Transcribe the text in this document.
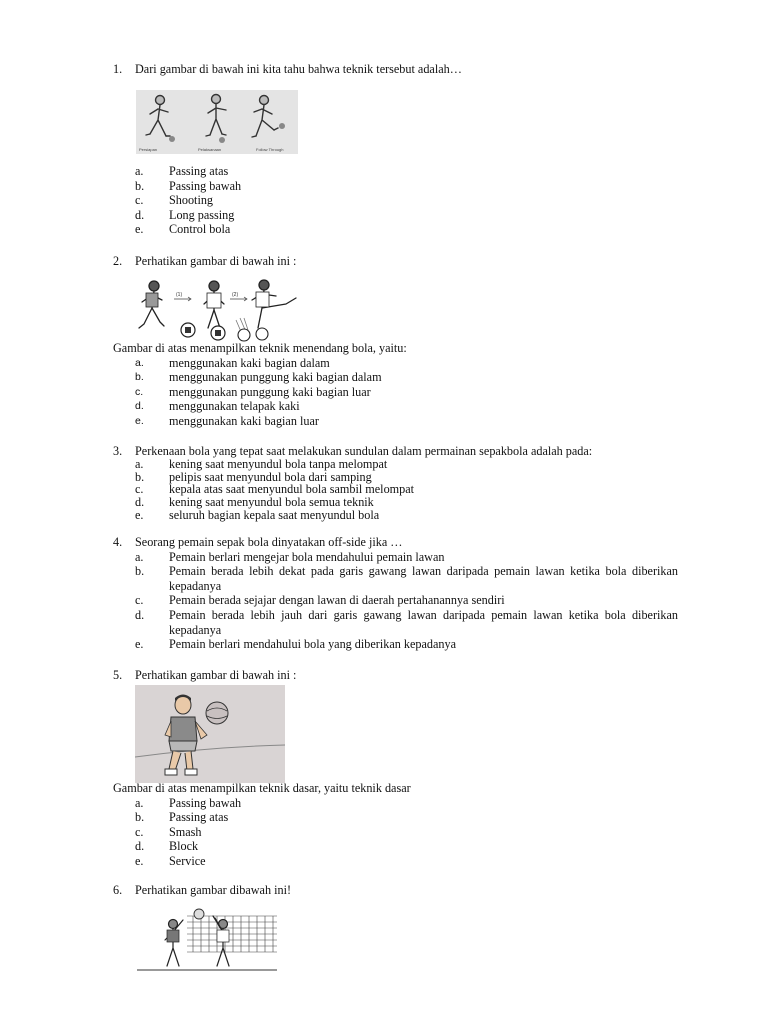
1. Dari gambar di bawah ini kita tahu bahwa teknik tersebut adalah…
Persiapan	Pelaksanaan	Follow Through
a. Passing atas
b. Passing bawah
c. Shooting
d. Long passing
e. Control bola
2. Perhatikan gambar di bawah ini :
(1)	(2)
Gambar di atas menampilkan teknik menendang bola, yaitu:
a. menggunakan kaki bagian dalam
b. menggunakan punggung kaki bagian dalam
c. menggunakan punggung kaki bagian luar
d. menggunakan telapak kaki
e. menggunakan kaki bagian luar
3. Perkenaan bola yang tepat saat melakukan sundulan dalam permainan sepakbola adalah pada:
a. kening saat menyundul bola tanpa melompat
b. pelipis saat menyundul bola dari samping
c. kepala atas saat menyundul bola sambil melompat
d. kening saat menyundul bola semua teknik
e. seluruh bagian kepala saat menyundul bola
4. Seorang pemain sepak bola dinyatakan off-side jika …
a. Pemain berlari mengejar bola mendahului pemain lawan
b. Pemain berada lebih dekat pada garis gawang lawan daripada pemain lawan ketika bola diberikan kepadanya
c. Pemain berada sejajar dengan lawan di daerah pertahanannya sendiri
d. Pemain berada lebih jauh dari garis gawang lawan daripada pemain lawan ketika bola diberikan kepadanya
e. Pemain berlari mendahului bola yang diberikan kepadanya
5. Perhatikan gambar di bawah ini :
Gambar di atas menampilkan teknik dasar, yaitu teknik dasar
a. Passing bawah
b. Passing atas
c. Smash
d. Block
e. Service
6. Perhatikan gambar dibawah ini!
